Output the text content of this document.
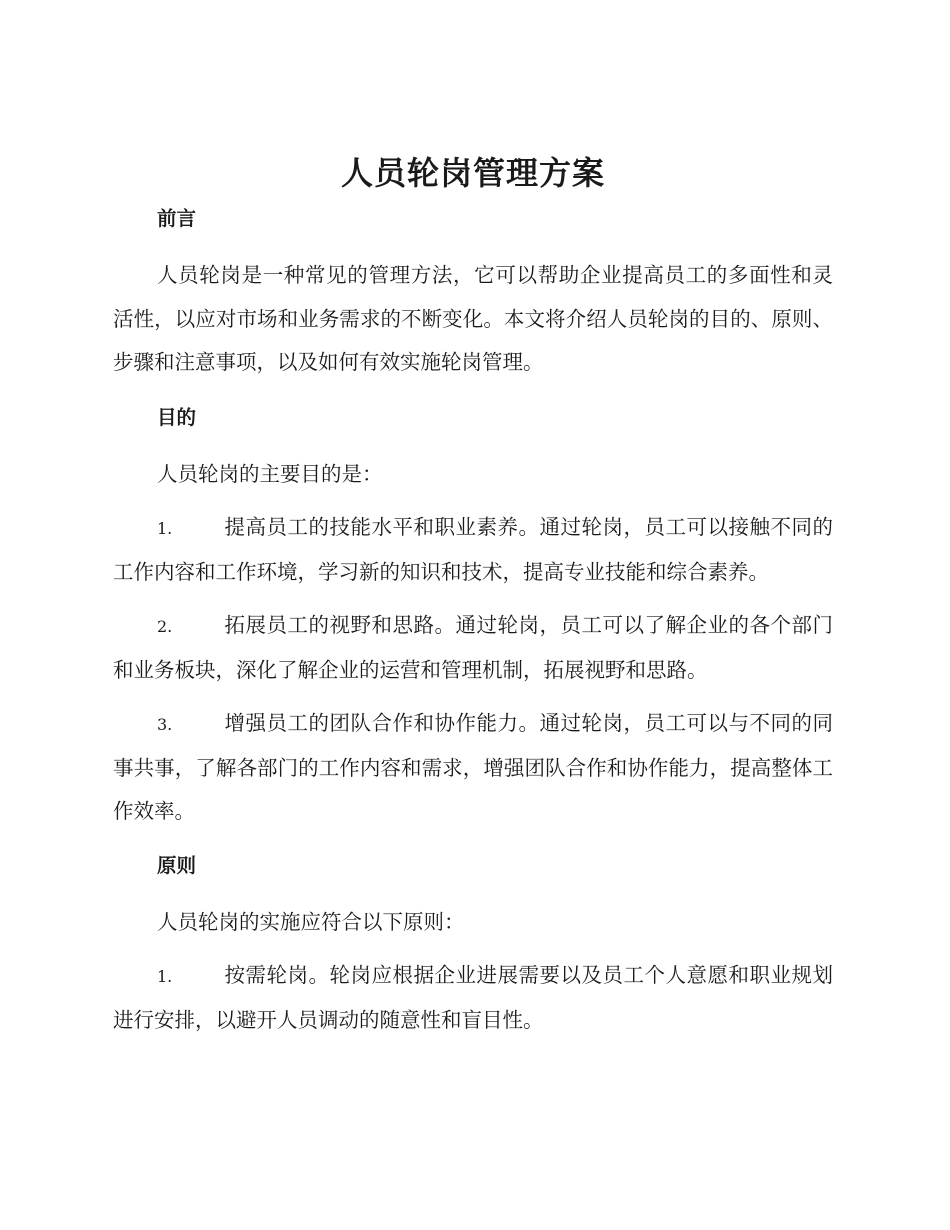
人员轮岗管理方案
前言

人员轮岗是一种常见的管理方法，它可以帮助企业提高员工的多面性和灵活性，以应对市场和业务需求的不断变化。本文将介绍人员轮岗的目的、原则、步骤和注意事项，以及如何有效实施轮岗管理。

目的

人员轮岗的主要目的是：

1.	提高员工的技能水平和职业素养。通过轮岗，员工可以接触不同的工作内容和工作环境，学习新的知识和技术，提高专业技能和综合素养。

2.	拓展员工的视野和思路。通过轮岗，员工可以了解企业的各个部门和业务板块，深化了解企业的运营和管理机制，拓展视野和思路。

3.	增强员工的团队合作和协作能力。通过轮岗，员工可以与不同的同事共事，了解各部门的工作内容和需求，增强团队合作和协作能力，提高整体工作效率。

原则

人员轮岗的实施应符合以下原则：

1.	按需轮岗。轮岗应根据企业进展需要以及员工个人意愿和职业规划进行安排，以避开人员调动的随意性和盲目性。
